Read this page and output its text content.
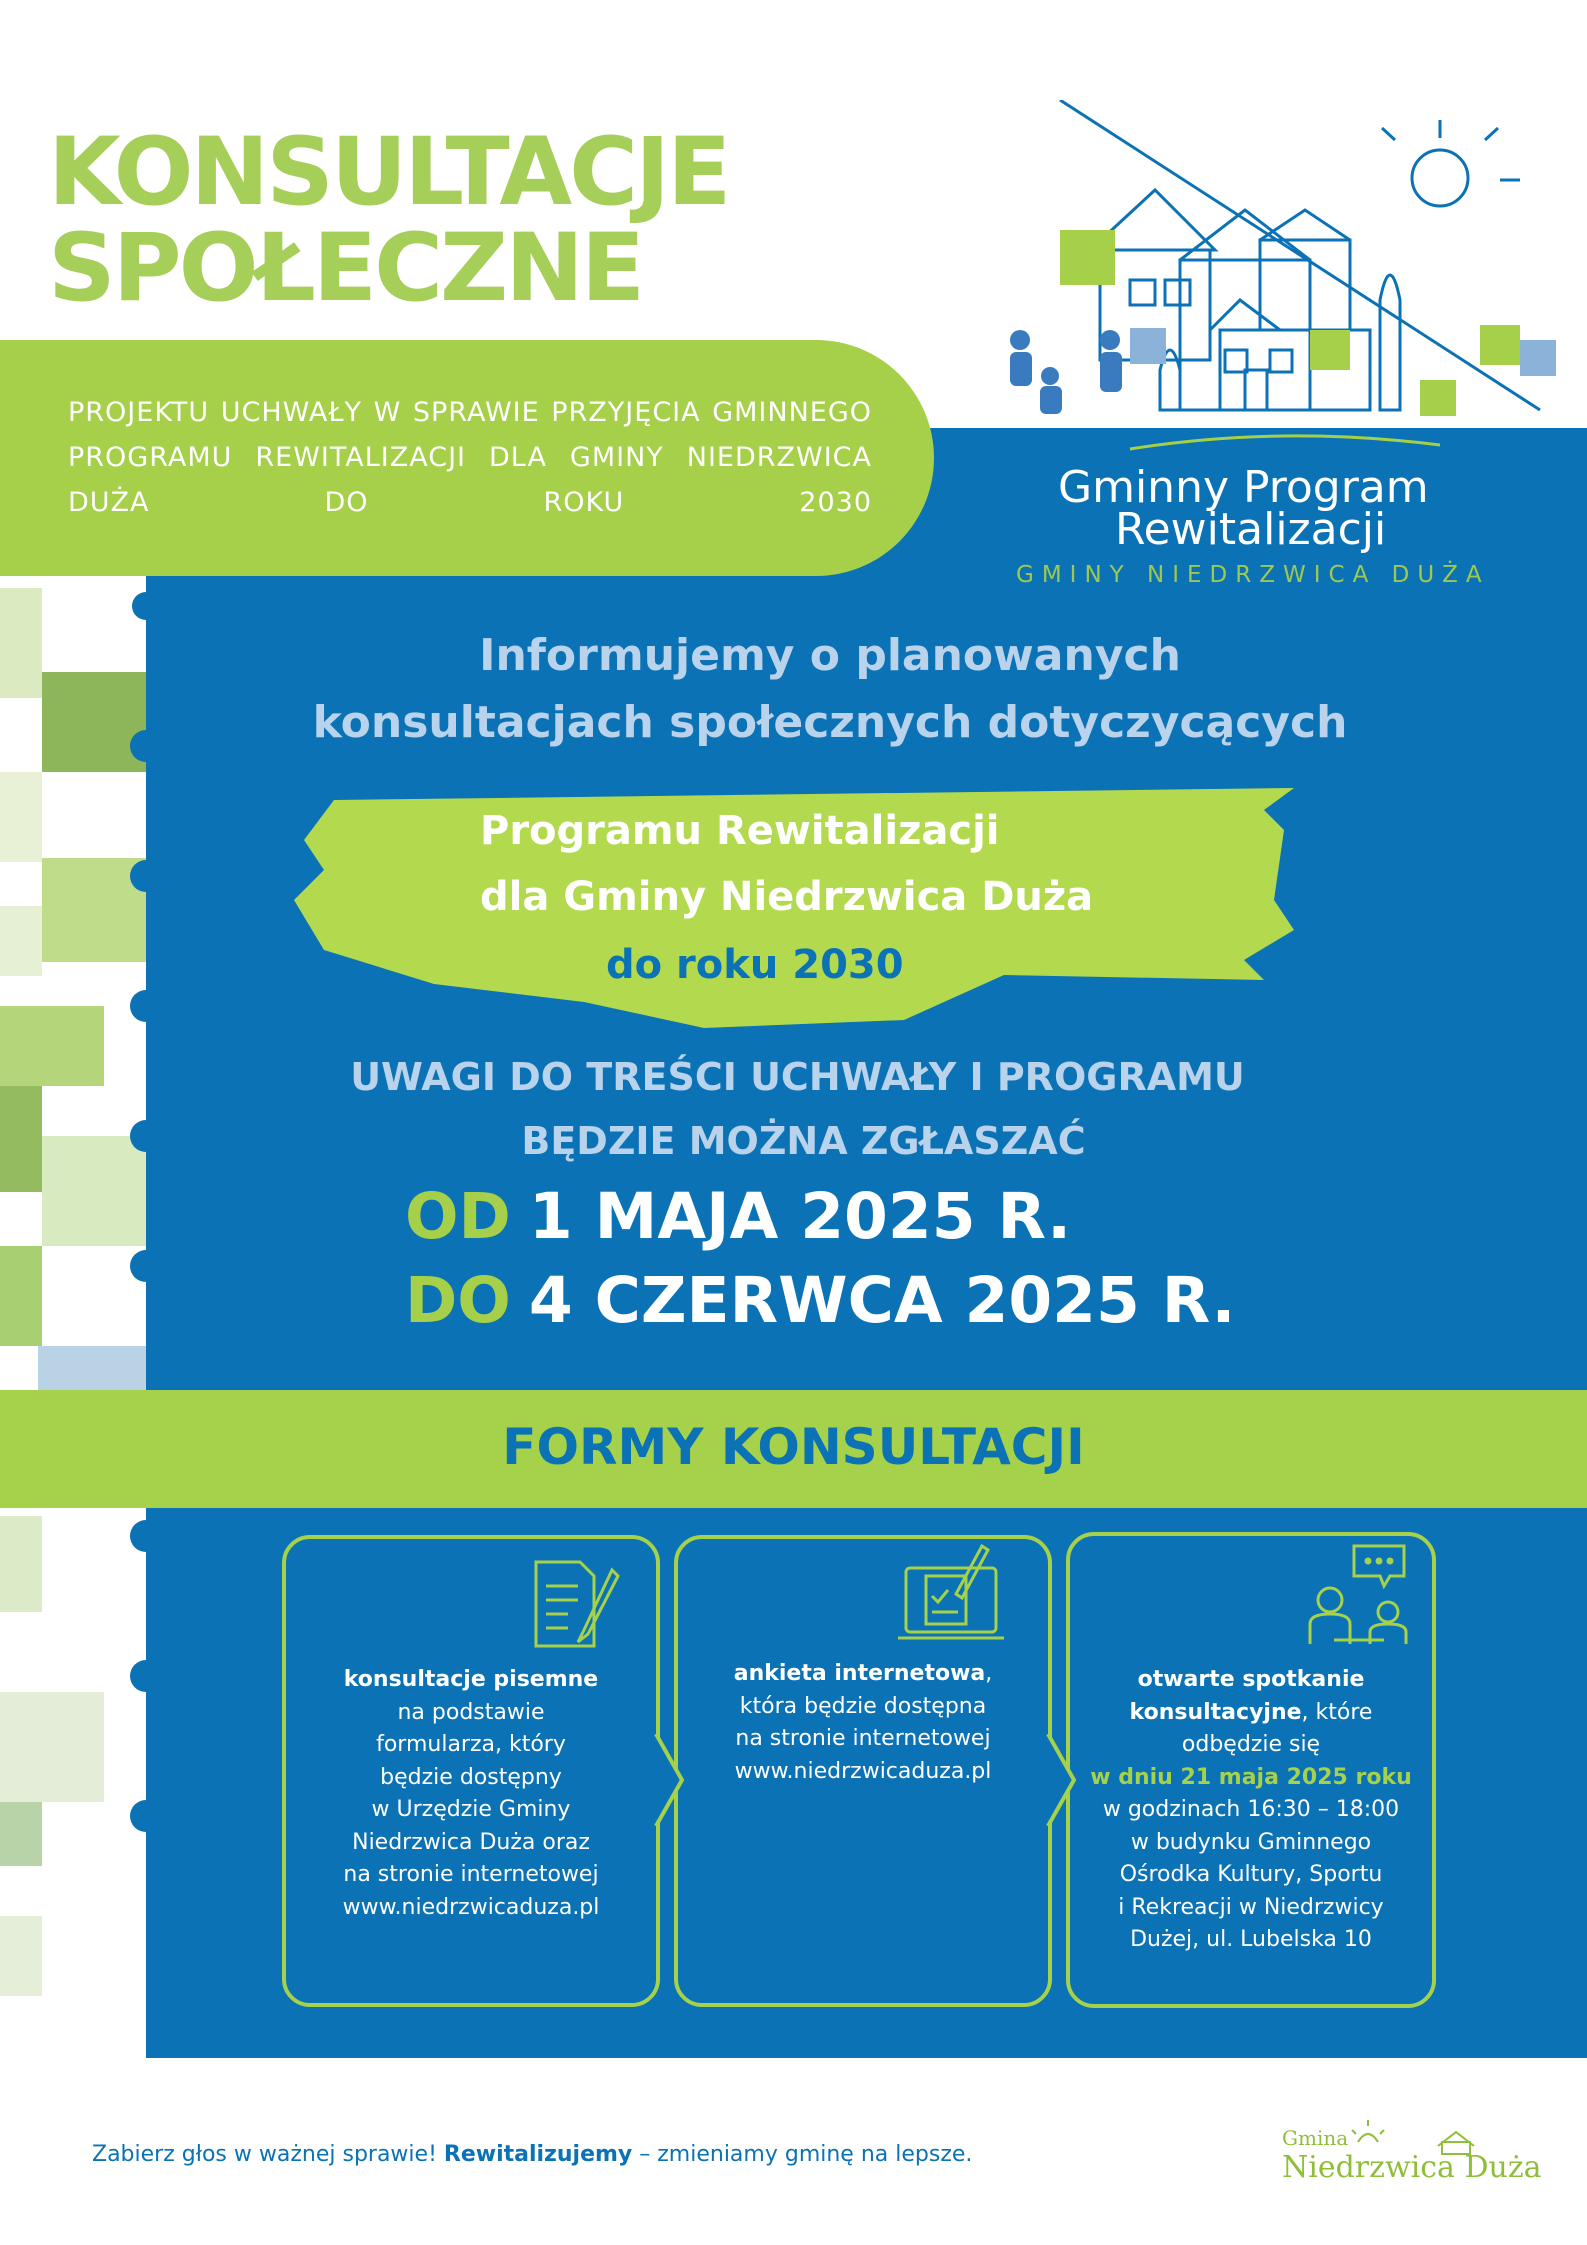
KONSULTACJE
SPOŁECZNE
PROJEKTU UCHWAŁY W SPRAWIE PRZYJĘCIA GMINNEGO PROGRAMU REWITALIZACJI DLA GMINY NIEDRZWICA DUŻA DO ROKU 2030	Gminny Program
Rewitalizacji
GMINY NIEDRZWICA DUŻA
Informujemy o planowanych
konsultacjach społecznych dotyczycących
Programu Rewitalizacji
dla Gminy Niedrzwica Duża
do roku 2030
UWAGI DO TREŚCI UCHWAŁY I PROGRAMU
BĘDZIE MOŻNA ZGŁASZAĆ
OD 1 MAJA 2025 R.
DO 4 CZERWCA 2025 R.
FORMY KONSULTACJI
konsultacje pisemne
na podstawie
formularza, który
będzie dostępny
w Urzędzie Gminy
Niedrzwica Duża oraz
na stronie internetowej
www.niedrzwicaduza.pl
ankieta internetowa,
która będzie dostępna
na stronie internetowej
www.niedrzwicaduza.pl
otwarte spotkanie
konsultacyjne, które
odbędzie się
w dniu 21 maja 2025 roku
w godzinach 16:30 – 18:00
w budynku Gminnego
Ośrodka Kultury, Sportu
i Rekreacji w Niedrzwicy
Dużej, ul. Lubelska 10
Zabierz głos w ważnej sprawie! Rewitalizujemy – zmieniamy gminę na lepsze.
Gmina
Niedrzwica Duża
